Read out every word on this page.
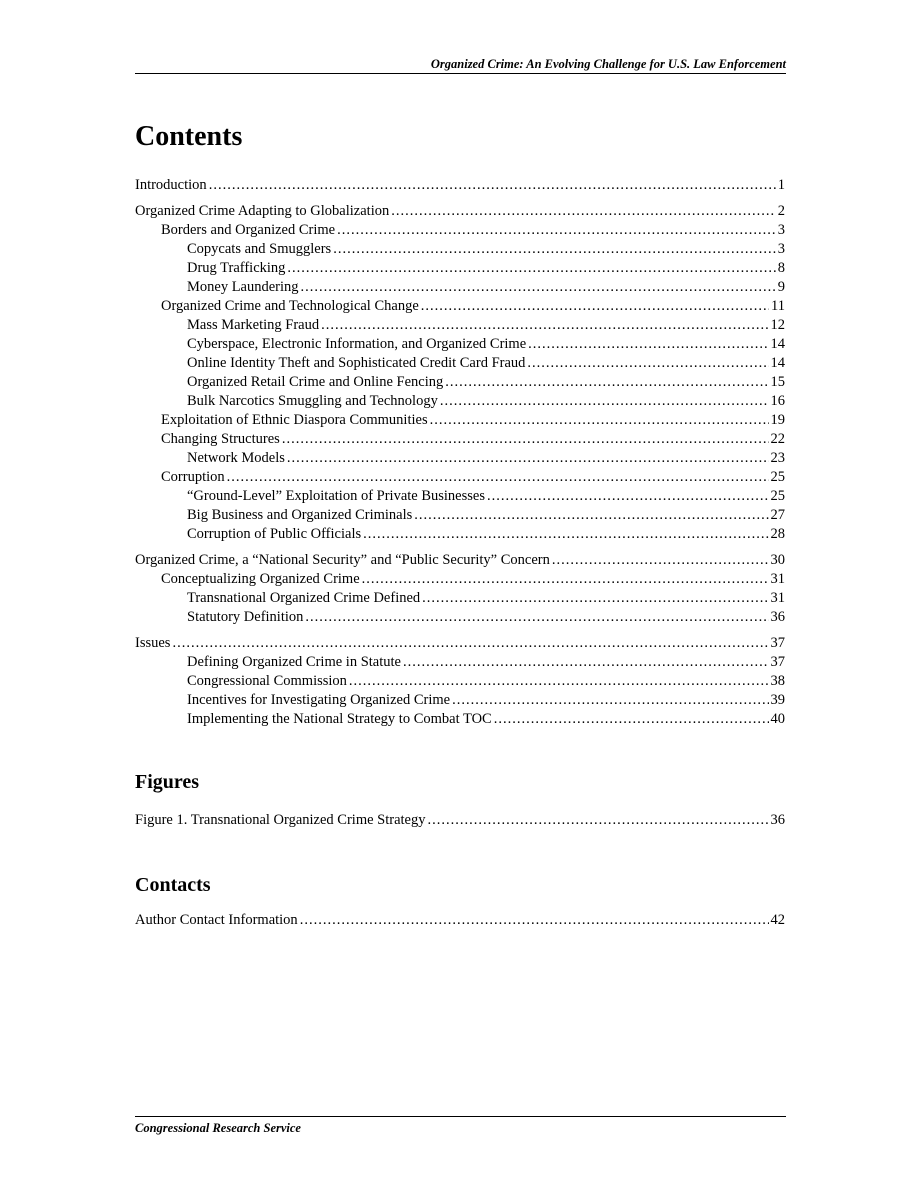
Organized Crime: An Evolving Challenge for U.S. Law Enforcement
Contents
Introduction .....	1
Organized Crime Adapting to Globalization .....	2
Borders and Organized Crime .....	3
Copycats and Smugglers .....	3
Drug Trafficking .....	8
Money Laundering .....	9
Organized Crime and Technological Change .....	11
Mass Marketing Fraud .....	12
Cyberspace, Electronic Information, and Organized Crime .....	14
Online Identity Theft and Sophisticated Credit Card Fraud .....	14
Organized Retail Crime and Online Fencing .....	15
Bulk Narcotics Smuggling and Technology .....	16
Exploitation of Ethnic Diaspora Communities .....	19
Changing Structures .....	22
Network Models .....	23
Corruption .....	25
“Ground-Level” Exploitation of Private Businesses .....	25
Big Business and Organized Criminals .....	27
Corruption of Public Officials .....	28
Organized Crime, a “National Security” and “Public Security” Concern .....	30
Conceptualizing Organized Crime .....	31
Transnational Organized Crime Defined .....	31
Statutory Definition .....	36
Issues .....	37
Defining Organized Crime in Statute .....	37
Congressional Commission .....	38
Incentives for Investigating Organized Crime .....	39
Implementing the National Strategy to Combat TOC .....	40
Figures
Figure 1. Transnational Organized Crime Strategy .....	36
Contacts
Author Contact Information .....	42
Congressional Research Service
